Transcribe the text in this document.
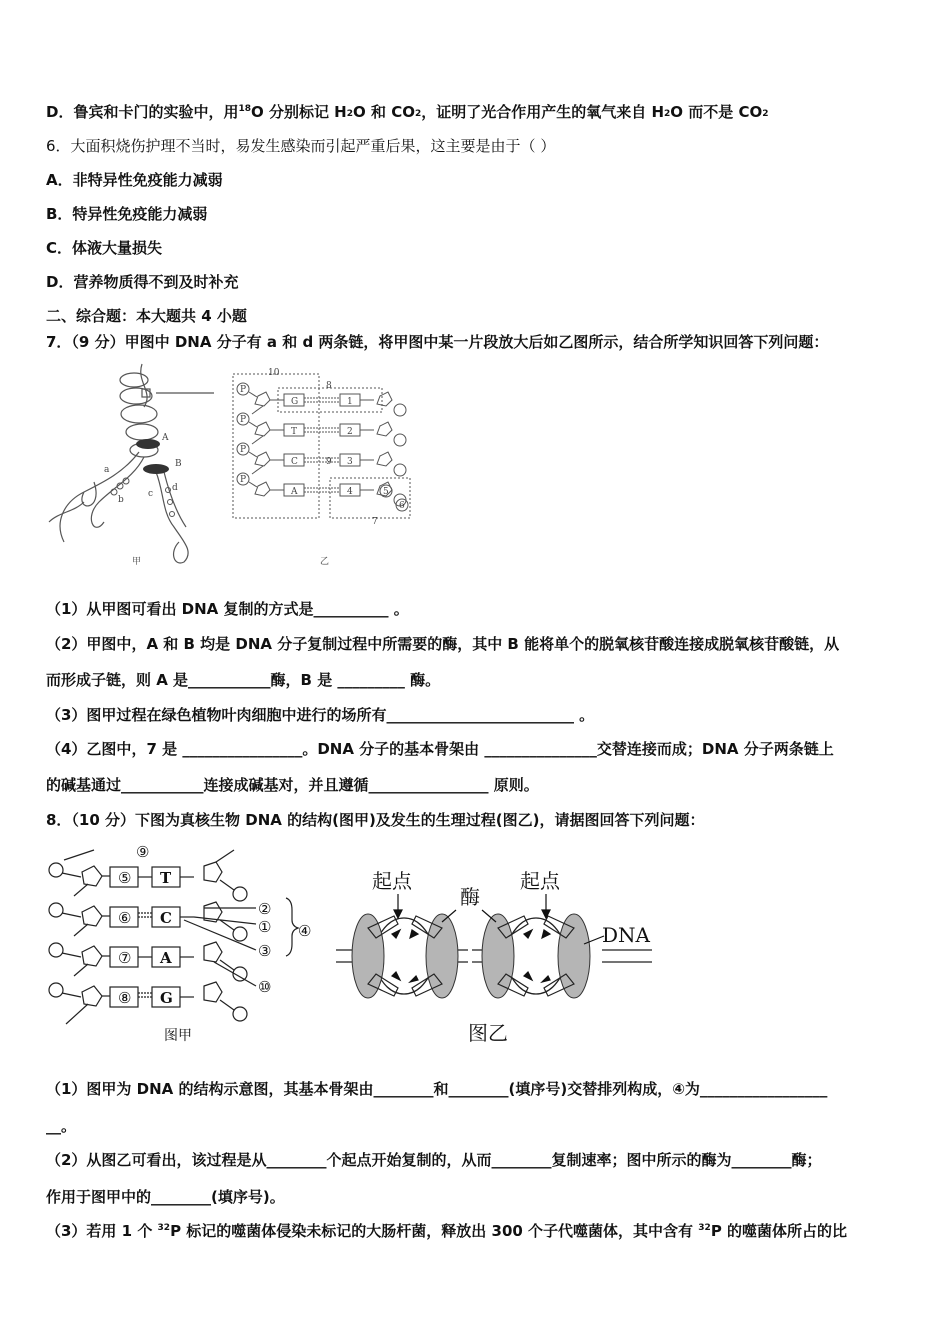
D．鲁宾和卡门的实验中，用$^{18}$O 分别标记 $H_2O$ 和 $CO_2$，证明了光合作用产生的氧气来自 $H_2O$ 而不是 $CO_2$
6．大面积烧伤护理不当时，易发生感染而引起严重后果，这主要是由于（ ）
A．非特异性免疫能力减弱
B．特异性免疫能力减弱
C．体液大量损失
D．营养物质得不到及时补充
二、综合题：本大题共 4 小题
7．（9 分）甲图中 DNA 分子有 a 和 d 两条链，将甲图中某一片段放大后如乙图所示，结合所学知识回答下列问题：
A
B
a
b
c
d
甲
P
P
P
P
G
T
C
A
1
2
3
4	5
6
7
8
9
10
乙
（1）从甲图可看出 DNA 复制的方式是__________ 。
（2）甲图中，A 和 B 均是 DNA 分子复制过程中所需要的酶，其中 B 能将单个的脱氧核苷酸连接成脱氧核苷酸链，从
而形成子链，则 A 是___________酶，B 是 _________ 酶。
（3）图甲过程在绿色植物叶肉细胞中进行的场所有_________________________ 。
（4）乙图中，7 是 ________________。DNA 分子的基本骨架由 _______________交替连接而成；DNA 分子两条链上
的碱基通过___________连接成碱基对，并且遵循________________ 原则。
8．（10 分）下图为真核生物 DNA 的结构(图甲)及发生的生理过程(图乙)，请据图回答下列问题：
⑤
⑥
⑦
⑧
T
C
A
G
⑨
②
①
③
④
⑩
图甲
起点
酶
起点
DNA
图乙
（1）图甲为 DNA 的结构示意图，其基本骨架由________和________(填序号)交替排列构成，④为_________________
__。
（2）从图乙可看出，该过程是从________个起点开始复制的，从而________复制速率；图中所示的酶为________酶；
作用于图甲中的________(填序号)。
（3）若用 1 个 $^{32}$P 标记的噬菌体侵染未标记的大肠杆菌，释放出 300 个子代噬菌体，其中含有 $^{32}$P 的噬菌体所占的比
